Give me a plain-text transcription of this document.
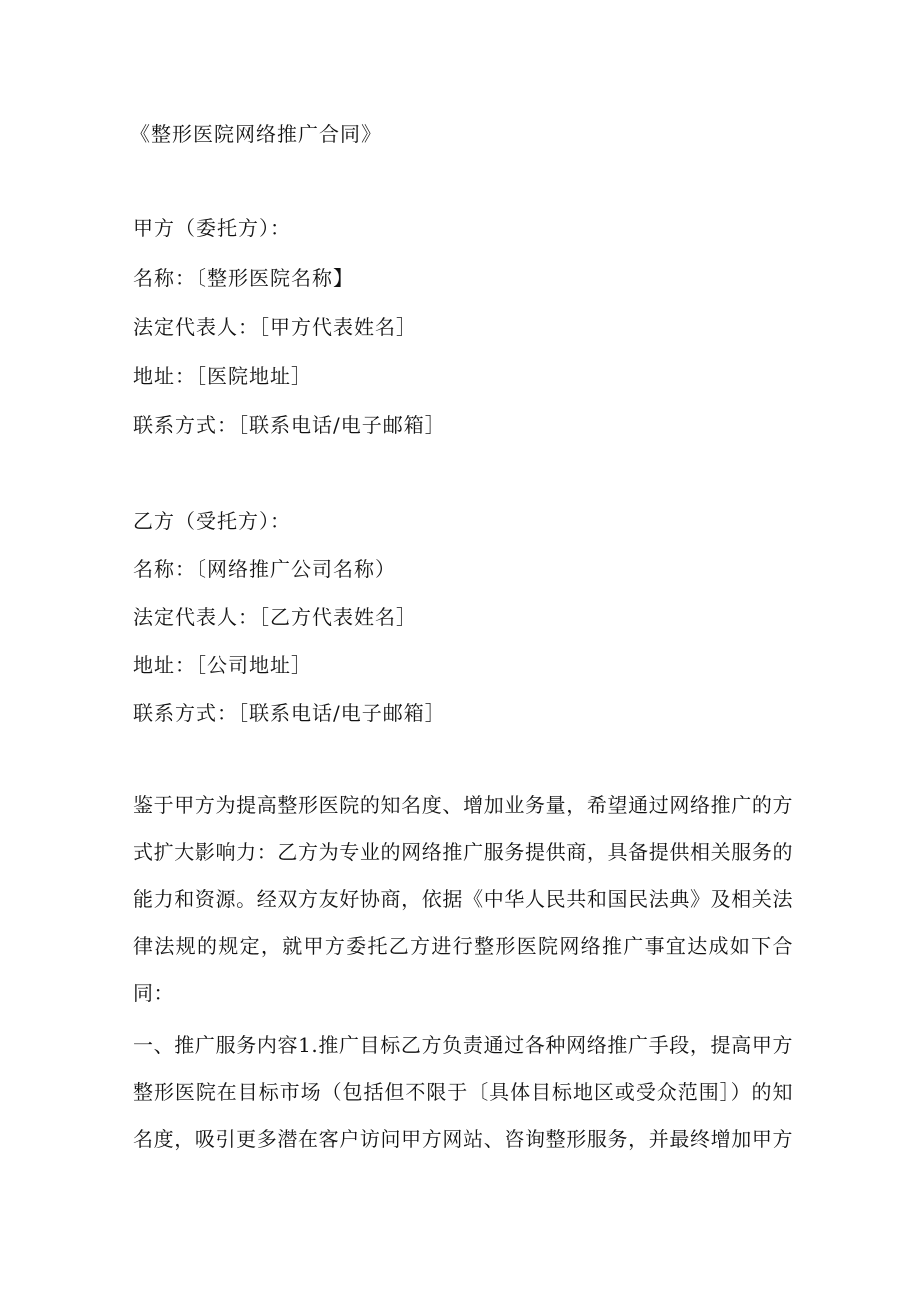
《整形医院网络推广合同》
甲方（委托方）：
名称：〔整形医院名称】
法定代表人：［甲方代表姓名］
地址：［医院地址］
联系方式：［联系电话/电子邮箱］
乙方（受托方）：
名称：〔网络推广公司名称）
法定代表人：［乙方代表姓名］
地址：［公司地址］
联系方式：［联系电话/电子邮箱］
鉴于甲方为提高整形医院的知名度、增加业务量，希望通过网络推广的方式扩大影响力：乙方为专业的网络推广服务提供商，具备提供相关服务的能力和资源。经双方友好协商，依据《中华人民共和国民法典》及相关法律法规的规定，就甲方委托乙方进行整形医院网络推广事宜达成如下合同：
一、推广服务内容1.推广目标乙方负责通过各种网络推广手段，提高甲方整形医院在目标市场（包括但不限于〔具体目标地区或受众范围］）的知名度，吸引更多潜在客户访问甲方网站、咨询整形服务，并最终增加甲方
